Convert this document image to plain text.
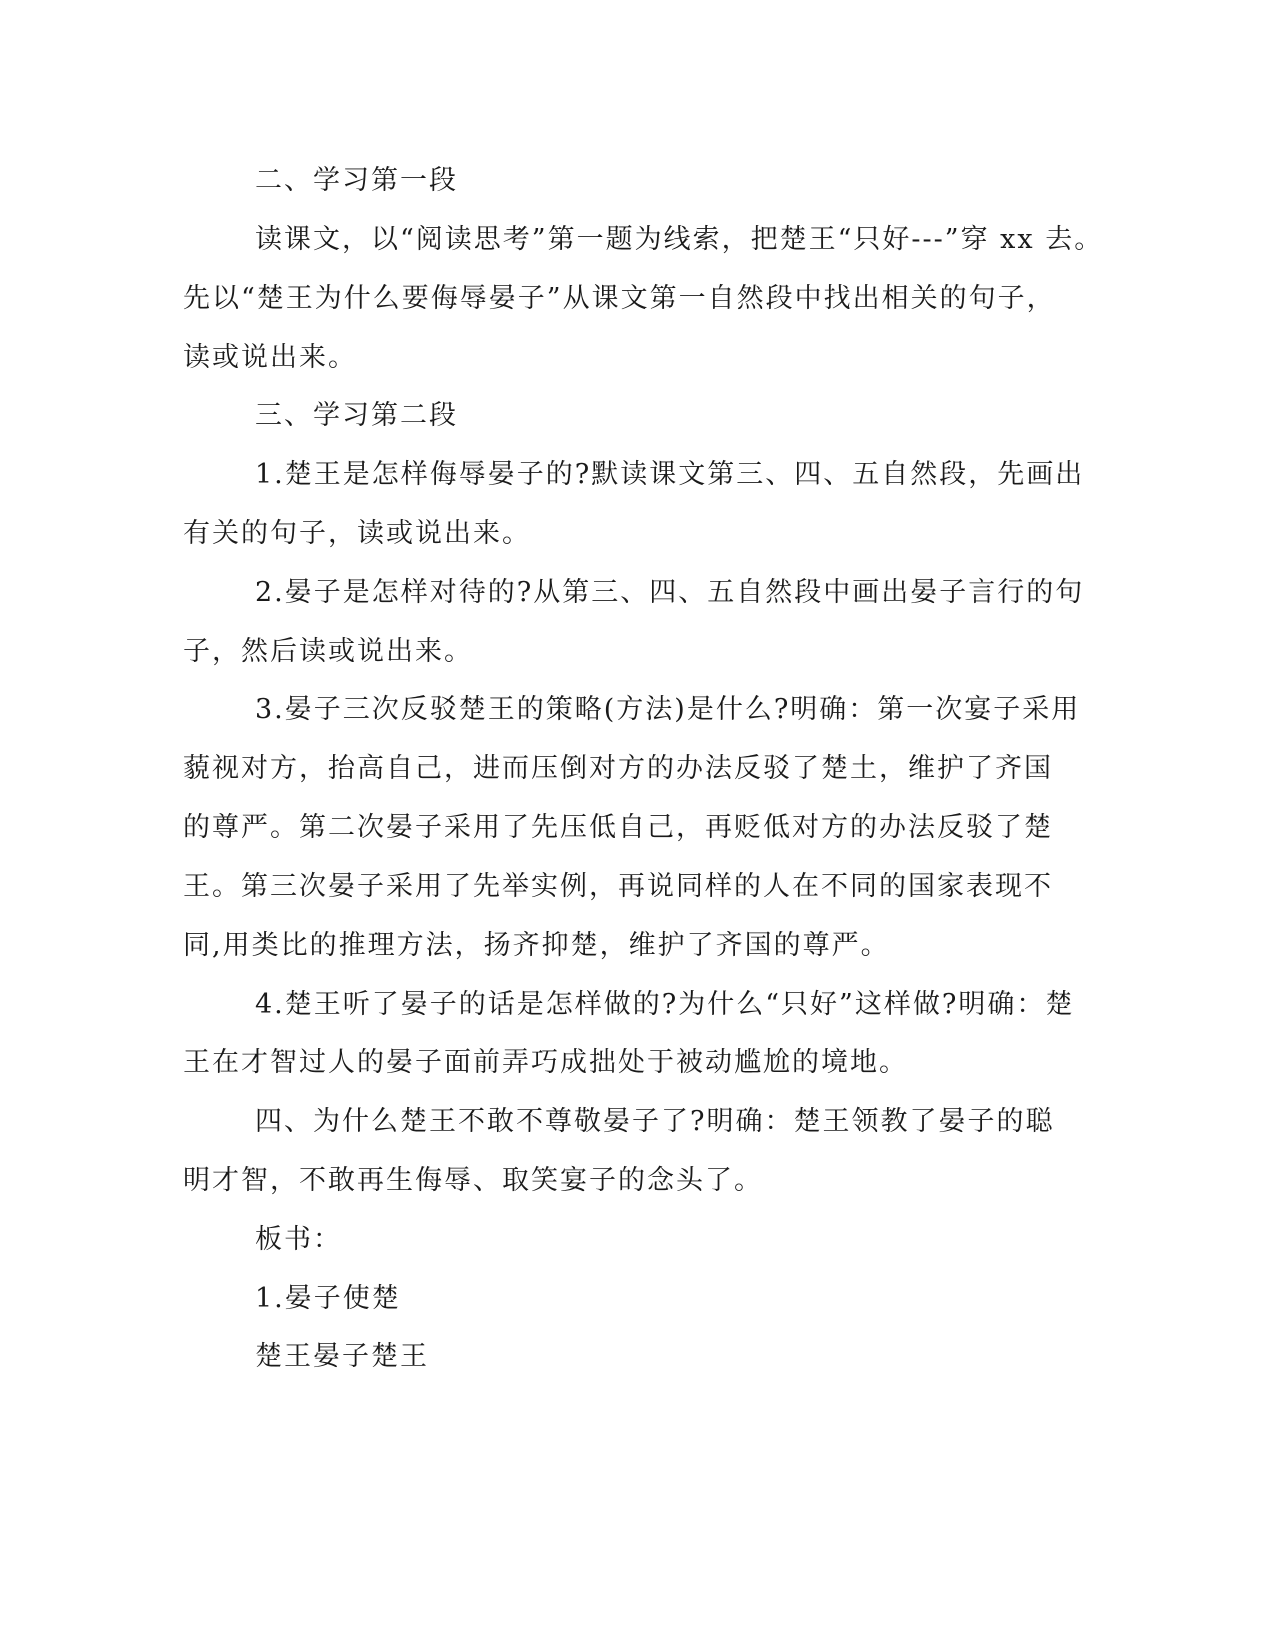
二、学习第一段
读课文，以“阅读思考”第一题为线索，把楚王“只好---”穿 xx 去。
先以“楚王为什么要侮辱晏子”从课文第一自然段中找出相关的句子，
读或说出来。
三、学习第二段
1.楚王是怎样侮辱晏子的?默读课文第三、四、五自然段，先画出
有关的句子，读或说出来。
2.晏子是怎样对待的?从第三、四、五自然段中画出晏子言行的句
子，然后读或说出来。
3.晏子三次反驳楚王的策略(方法)是什么?明确：第一次宴子采用
藐视对方，抬高自己，进而压倒对方的办法反驳了楚土，维护了齐国
的尊严。第二次晏子采用了先压低自己，再贬低对方的办法反驳了楚
王。第三次晏子采用了先举实例，再说同样的人在不同的国家表现不
同,用类比的推理方法，扬齐抑楚，维护了齐国的尊严。
4.楚王听了晏子的话是怎样做的?为什么“只好”这样做?明确：楚
王在才智过人的晏子面前弄巧成拙处于被动尴尬的境地。
四、为什么楚王不敢不尊敬晏子了?明确：楚王领教了晏子的聪
明才智，不敢再生侮辱、取笑宴子的念头了。
板书：
1.晏子使楚
楚王晏子楚王
